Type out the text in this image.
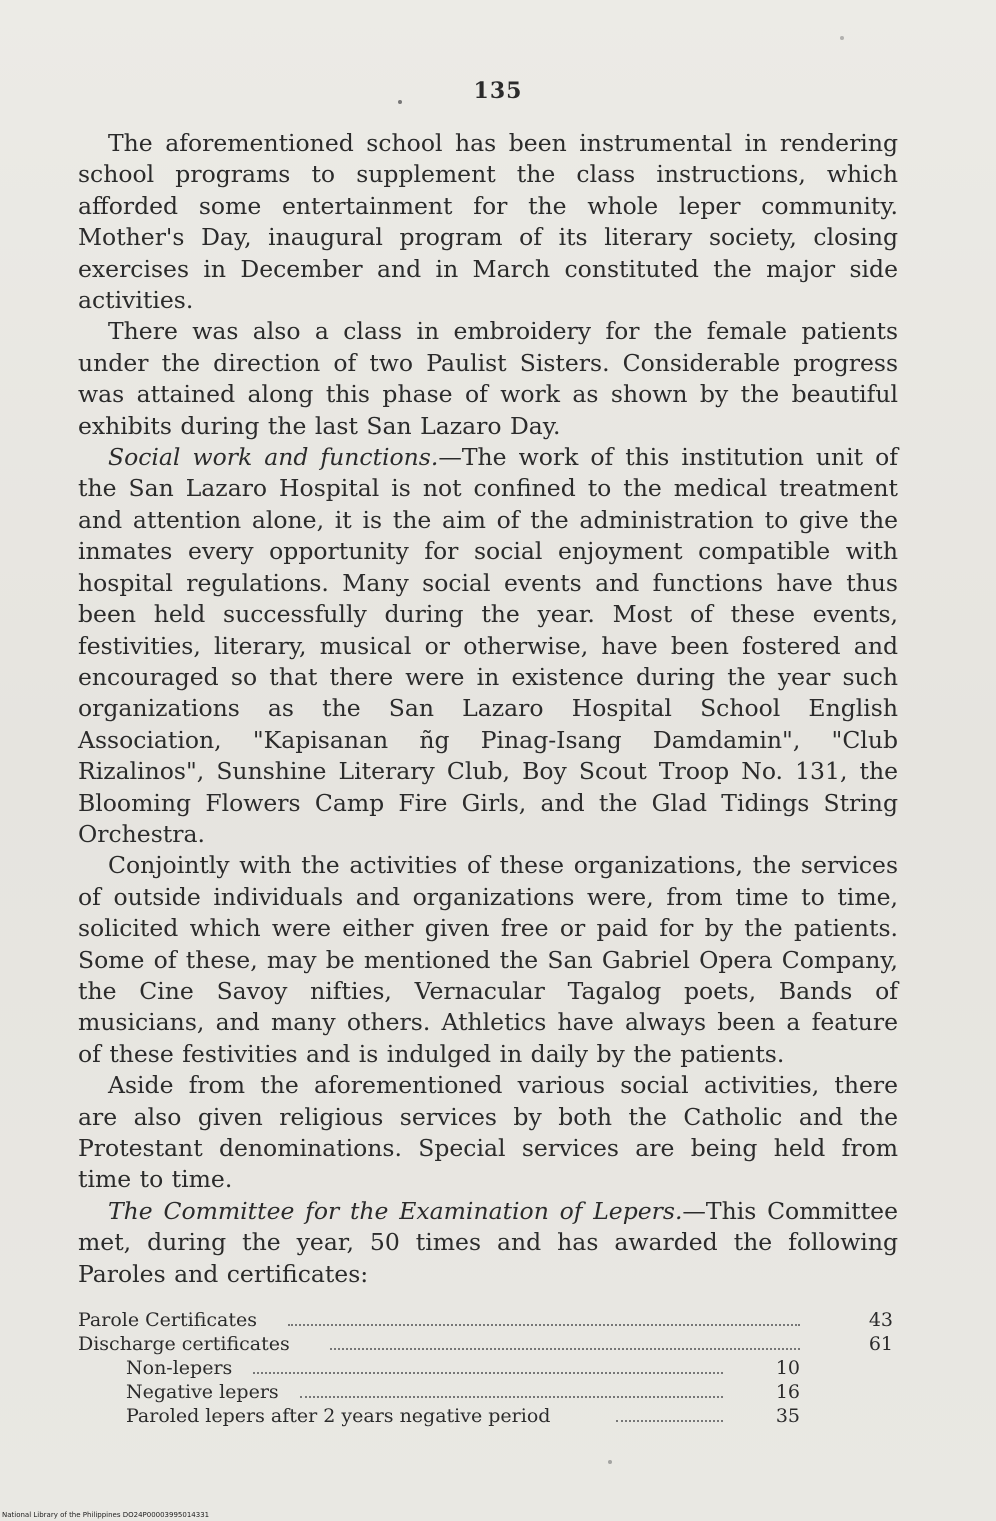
135

The aforementioned school has been instrumental in rendering school programs to supplement the class instructions, which afforded some entertainment for the whole leper community. Mother's Day, inaugural program of its literary society, closing exercises in December and in March constituted the major side activities.

There was also a class in embroidery for the female patients under the direction of two Paulist Sisters. Considerable progress was attained along this phase of work as shown by the beautiful exhibits during the last San Lazaro Day.

Social work and functions.—The work of this institution unit of the San Lazaro Hospital is not confined to the medical treatment and attention alone, it is the aim of the administration to give the inmates every opportunity for social enjoyment compatible with hospital regulations. Many social events and functions have thus been held successfully during the year. Most of these events, festivities, literary, musical or otherwise, have been fostered and encouraged so that there were in existence during the year such organizations as the San Lazaro Hospital School English Association, "Kapisanan ñg Pinag-Isang Damdamin", "Club Rizalinos", Sunshine Literary Club, Boy Scout Troop No. 131, the Blooming Flowers Camp Fire Girls, and the Glad Tidings String Orchestra.

Conjointly with the activities of these organizations, the services of outside individuals and organizations were, from time to time, solicited which were either given free or paid for by the patients. Some of these, may be mentioned the San Gabriel Opera Company, the Cine Savoy nifties, Vernacular Tagalog poets, Bands of musicians, and many others. Athletics have always been a feature of these festivities and is indulged in daily by the patients.

Aside from the aforementioned various social activities, there are also given religious services by both the Catholic and the Protestant denominations. Special services are being held from time to time.

The Committee for the Examination of Lepers.—This Committee met, during the year, 50 times and has awarded the following Paroles and certificates:

Parole Certificates	43
Discharge certificates	61
Non-lepers	10
Negative lepers	16
Paroled lepers after 2 years negative period	35
National Library of the Philippines DO24P00003995014331
